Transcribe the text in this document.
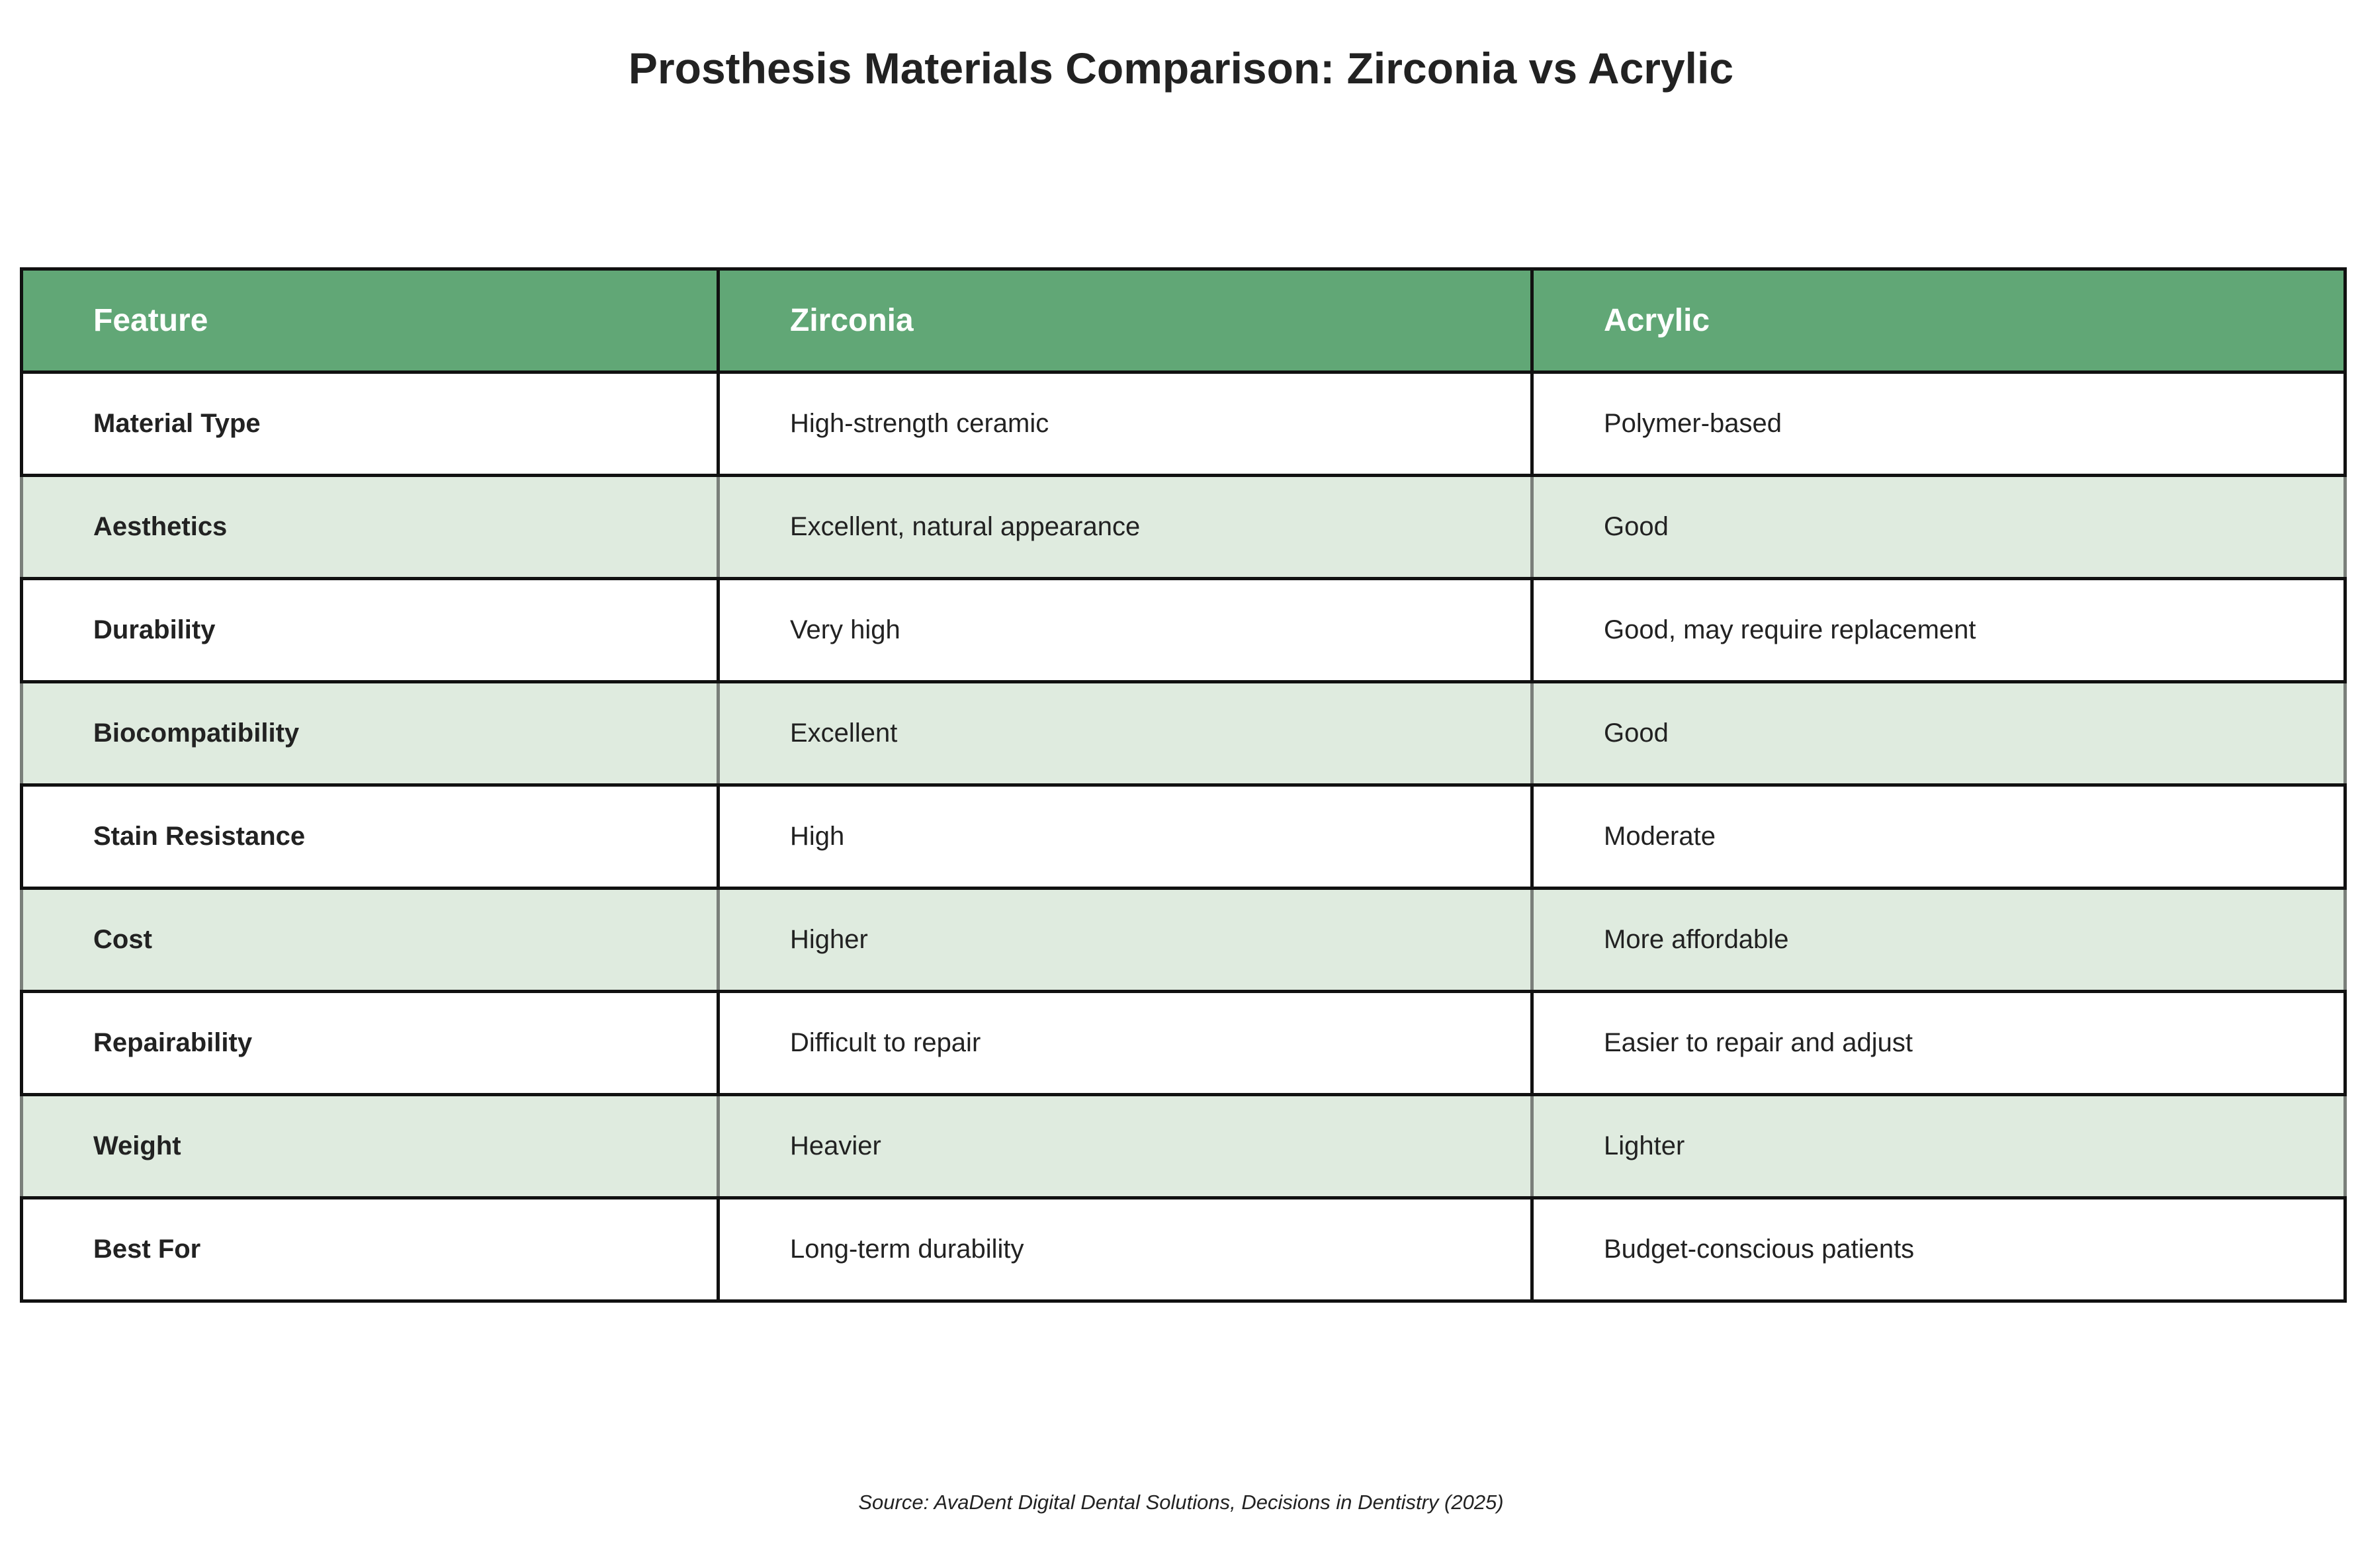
Prosthesis Materials Comparison: Zirconia vs Acrylic
Feature	Zirconia	Acrylic
Material Type	High-strength ceramic	Polymer-based
Aesthetics	Excellent, natural appearance	Good
Durability	Very high	Good, may require replacement
Biocompatibility	Excellent	Good
Stain Resistance	High	Moderate
Cost	Higher	More affordable
Repairability	Difficult to repair	Easier to repair and adjust
Weight	Heavier	Lighter
Best For	Long-term durability	Budget-conscious patients
Source: AvaDent Digital Dental Solutions, Decisions in Dentistry (2025)
